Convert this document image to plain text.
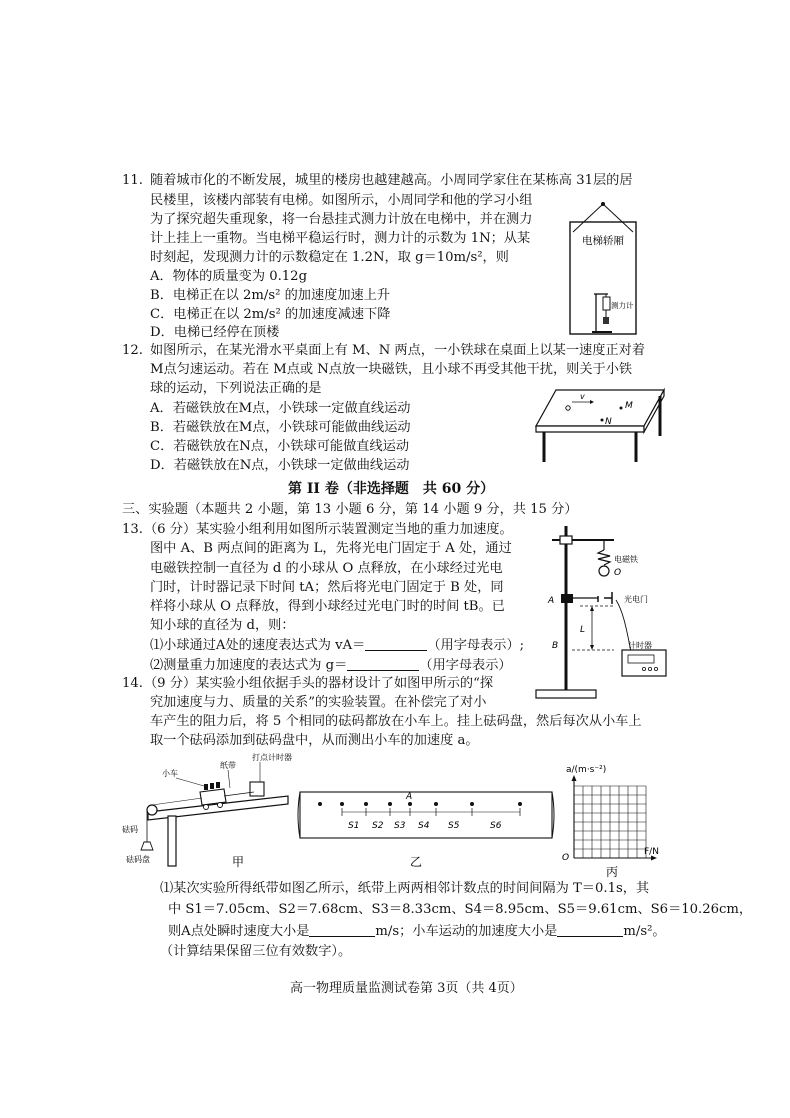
11. 随着城市化的不断发展，城里的楼房也越建越高。小周同学家住在某栋高 31层的居
民楼里，该楼内部装有电梯。如图所示，小周同学和他的学习小组
为了探究超失重现象，将一台悬挂式测力计放在电梯中，并在测力
计上挂上一重物。当电梯平稳运行时，测力计的示数为 1N；从某
时刻起，发现测力计的示数稳定在 1.2N，取 g＝10m/s²，则
A．物体的质量变为 0.12g
B．电梯正在以 2m/s² 的加速度加速上升
C．电梯正在以 2m/s² 的加速度减速下降
D．电梯已经停在顶楼
电梯轿厢
测力计
12. 如图所示，在某光滑水平桌面上有 M、N 两点，一小铁球在桌面上以某一速度正对着
M点匀速运动。若在 M点或 N点放一块磁铁，且小球不再受其他干扰，则关于小铁
球的运动，下列说法正确的是
A．若磁铁放在M点，小铁球一定做直线运动
B．若磁铁放在M点，小铁球可能做曲线运动
C．若磁铁放在N点，小铁球可能做直线运动
D．若磁铁放在N点，小铁球一定做曲线运动
v
M
N
第 II 卷（非选择题　共 60 分）
三、实验题（本题共 2 小题，第 13 小题 6 分，第 14 小题 9 分，共 15 分）
13. （6 分）某实验小组利用如图所示装置测定当地的重力加速度。
图中 A、B 两点间的距离为 L，先将光电门固定于 A 处，通过
电磁铁控制一直径为 d 的小球从 O 点释放，在小球经过光电
门时，计时器记录下时间 tA；然后将光电门固定于 B 处，同
样将小球从 O 点释放，得到小球经过光电门时的时间 tB。已
知小球的直径为 d，则：
⑴小球通过A处的速度表达式为 vA＝	（用字母表示）;
⑵测量重力加速度的表达式为 g＝	（用字母表示）
电磁铁
O
A	光电门
L
B	计时器
14. （9 分）某实验小组依据手头的器材设计了如图甲所示的“探
究加速度与力、质量的关系”的实验装置。在补偿完了对小
车产生的阻力后，将 5 个相同的砝码都放在小车上。挂上砝码盘，然后每次从小车上
取一个砝码添加到砝码盘中，从而测出小车的加速度 a。
小车
纸带
打点计时器
砝码
砝码盘	甲
A
S1 S2 S3 S4 S5	S6
乙
a/(m·s⁻²)
O
F/N
丙
⑴某次实验所得纸带如图乙所示，纸带上两两相邻计数点的时间间隔为 T＝0.1s，其
中 S1＝7.05cm、S2＝7.68cm、S3＝8.33cm、S4＝8.95cm、S5＝9.61cm、S6＝10.26cm，
则A点处瞬时速度大小是	m/s；小车运动的加速度大小是	m/s²。
（计算结果保留三位有效数字）。
高一物理质量监测试卷第 3页（共 4页）
